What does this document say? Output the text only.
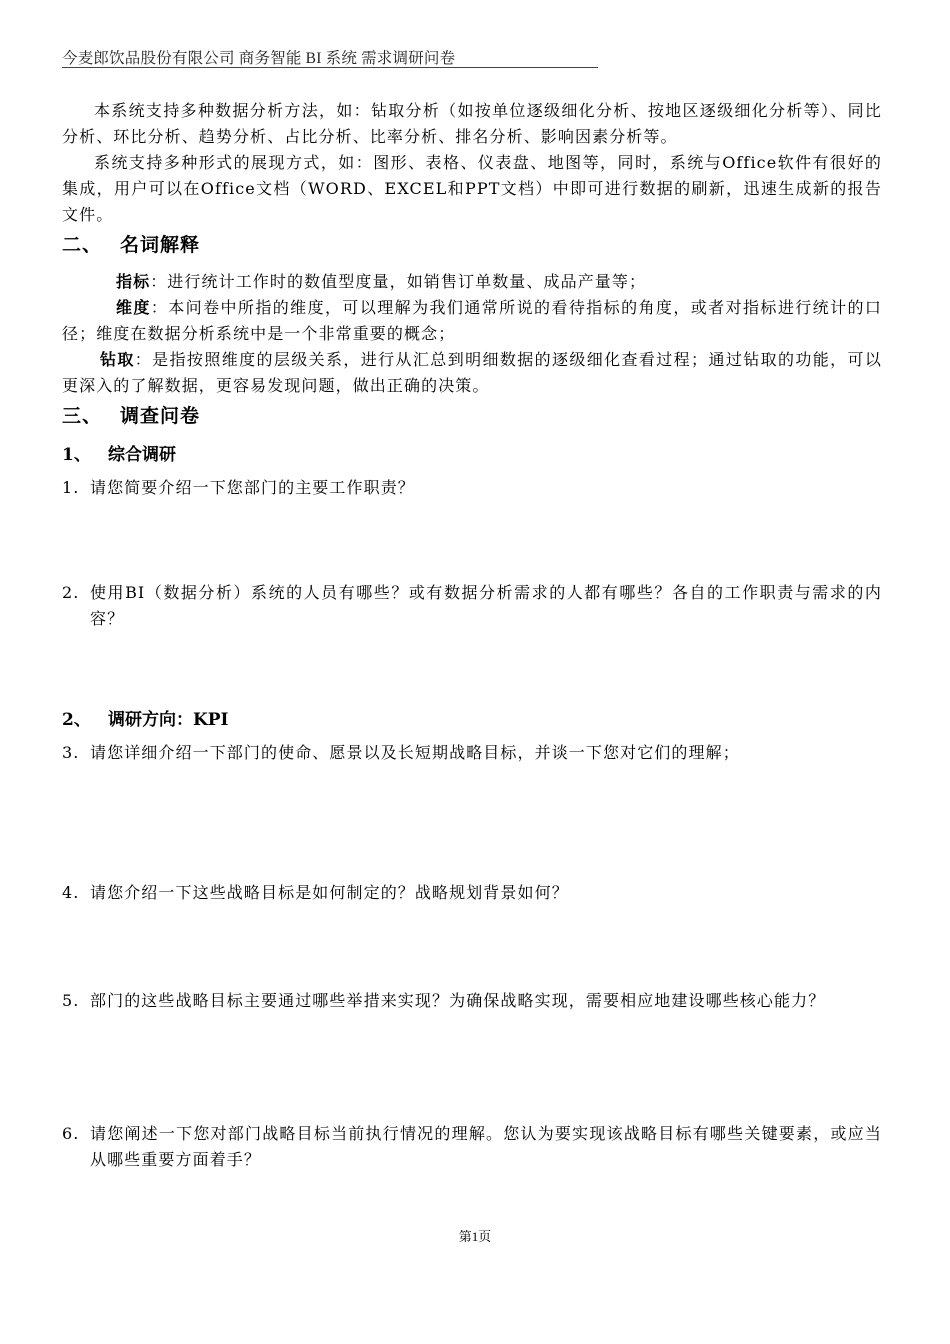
今麦郎饮品股份有限公司 商务智能 BI 系统 需求调研问卷
本系统支持多种数据分析方法，如：钻取分析（如按单位逐级细化分析、按地区逐级细化分析等）、同比分析、环比分析、趋势分析、占比分析、比率分析、排名分析、影响因素分析等。
系统支持多种形式的展现方式，如：图形、表格、仪表盘、地图等，同时，系统与Office软件有很好的集成，用户可以在Office文档（WORD、EXCEL和PPT文档）中即可进行数据的刷新，迅速生成新的报告文件。
二、 名词解释
指标：进行统计工作时的数值型度量，如销售订单数量、成品产量等；
维度：本问卷中所指的维度，可以理解为我们通常所说的看待指标的角度，或者对指标进行统计的口径；维度在数据分析系统中是一个非常重要的概念；
钻取：是指按照维度的层级关系，进行从汇总到明细数据的逐级细化查看过程；通过钻取的功能，可以更深入的了解数据，更容易发现问题，做出正确的决策。
三、 调查问卷
1、 综合调研
1. 请您简要介绍一下您部门的主要工作职责？
2. 使用BI（数据分析）系统的人员有哪些？或有数据分析需求的人都有哪些？各自的工作职责与需求的内容？
2、 调研方向：KPI
3. 请您详细介绍一下部门的使命、愿景以及长短期战略目标，并谈一下您对它们的理解；
4. 请您介绍一下这些战略目标是如何制定的？战略规划背景如何？
5. 部门的这些战略目标主要通过哪些举措来实现？为确保战略实现，需要相应地建设哪些核心能力？
6. 请您阐述一下您对部门战略目标当前执行情况的理解。您认为要实现该战略目标有哪些关键要素，或应当从哪些重要方面着手？
第1页
